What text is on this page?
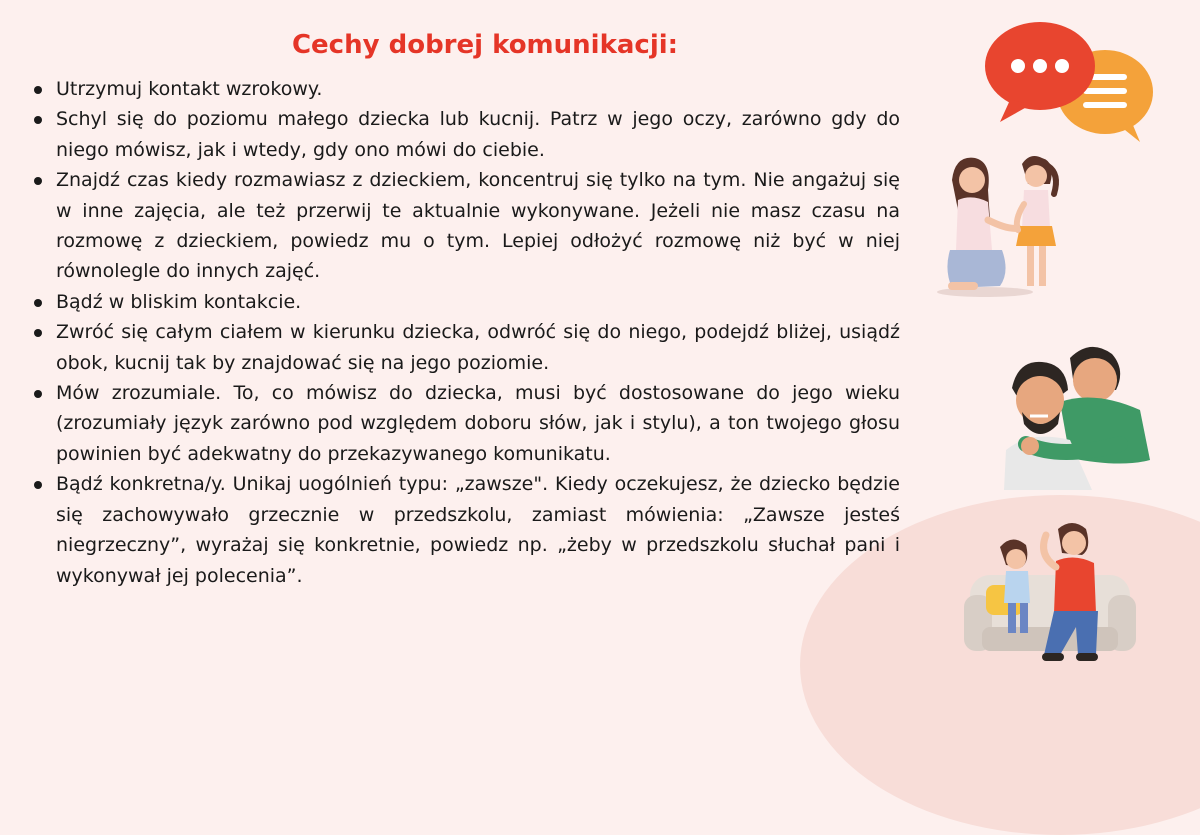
Cechy dobrej komunikacji:
Utrzymuj kontakt wzrokowy.
Schyl się do poziomu małego dziecka lub kucnij. Patrz w jego oczy, zarówno gdy do niego mówisz, jak i wtedy, gdy ono mówi do ciebie.
Znajdź czas kiedy rozmawiasz z dzieckiem, koncentruj się tylko na tym. Nie angażuj się w inne zajęcia, ale też przerwij te aktualnie wykonywane. Jeżeli nie masz czasu na rozmowę z dzieckiem, powiedz mu o tym. Lepiej odłożyć rozmowę niż być w niej równolegle do innych zajęć.
Bądź w bliskim kontakcie.
Zwróć się całym ciałem w kierunku dziecka, odwróć się do niego, podejdź bliżej, usiądź obok, kucnij tak by znajdować się na jego poziomie.
Mów zrozumiale. To, co mówisz do dziecka, musi być dostosowane do jego wieku (zrozumiały język zarówno pod względem doboru słów, jak i stylu), a ton twojego głosu powinien być adekwatny do przekazywanego komunikatu.
Bądź konkretna/y. Unikaj uogólnień typu: „zawsze". Kiedy oczekujesz, że dziecko będzie się zachowywało grzecznie w przedszkolu, zamiast mówienia: „Zawsze jesteś niegrzeczny”, wyrażaj się konkretnie, powiedz np. „żeby w przedszkolu słuchał pani i wykonywał jej polecenia”.
